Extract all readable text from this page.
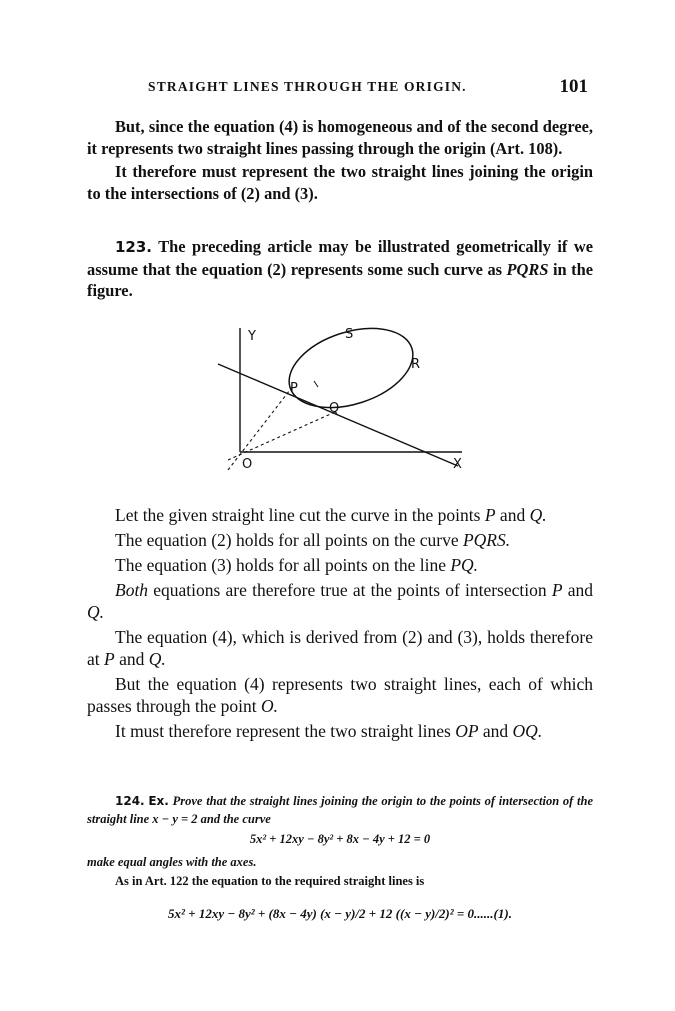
STRAIGHT LINES THROUGH THE ORIGIN.	101

But, since the equation (4) is homogeneous and of the second degree, it represents two straight lines passing through the origin (Art. 108).

It therefore must represent the two straight lines joining the origin to the intersections of (2) and (3).

123. The preceding article may be illustrated geometrically if we assume that the equation (2) represents some such curve as PQRS in the figure.

Y	S
R
P
Q
O	X

Let the given straight line cut the curve in the points P and Q.

The equation (2) holds for all points on the curve PQRS.

The equation (3) holds for all points on the line PQ.

Both equations are therefore true at the points of intersection P and Q.

The equation (4), which is derived from (2) and (3), holds therefore at P and Q.

But the equation (4) represents two straight lines, each of which passes through the point O.

It must therefore represent the two straight lines OP and OQ.

124. Ex. Prove that the straight lines joining the origin to the points of intersection of the straight line x − y = 2 and the curve

5x² + 12xy − 8y² + 8x − 4y + 12 = 0

make equal angles with the axes.

As in Art. 122 the equation to the required straight lines is

5x² + 12xy − 8y² + (8x − 4y) (x − y)/2 + 12 ((x − y)/2)² = 0......(1).
